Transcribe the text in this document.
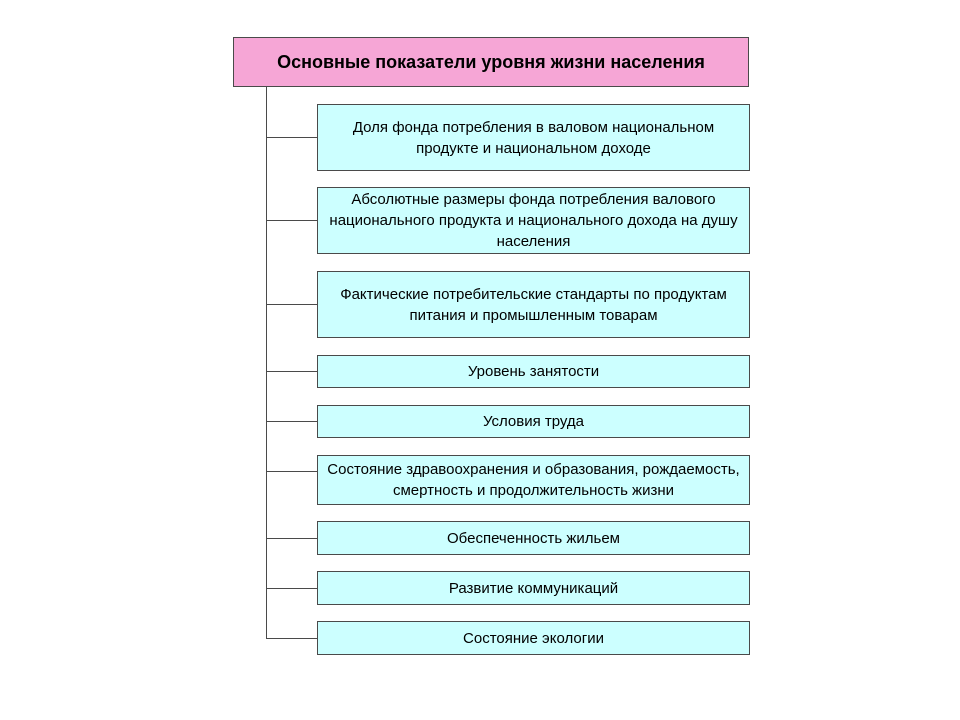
Основные показатели уровня жизни населения
Доля фонда потребления в валовом национальном продукте и национальном доходе
Абсолютные размеры фонда потребления валового национального продукта и национального дохода на душу населения
Фактические потребительские стандарты по продуктам питания и промышленным товарам
Уровень занятости
Условия труда
Состояние здравоохранения и образования, рождаемость, смертность и продолжительность жизни
Обеспеченность жильем
Развитие коммуникаций
Состояние экологии
